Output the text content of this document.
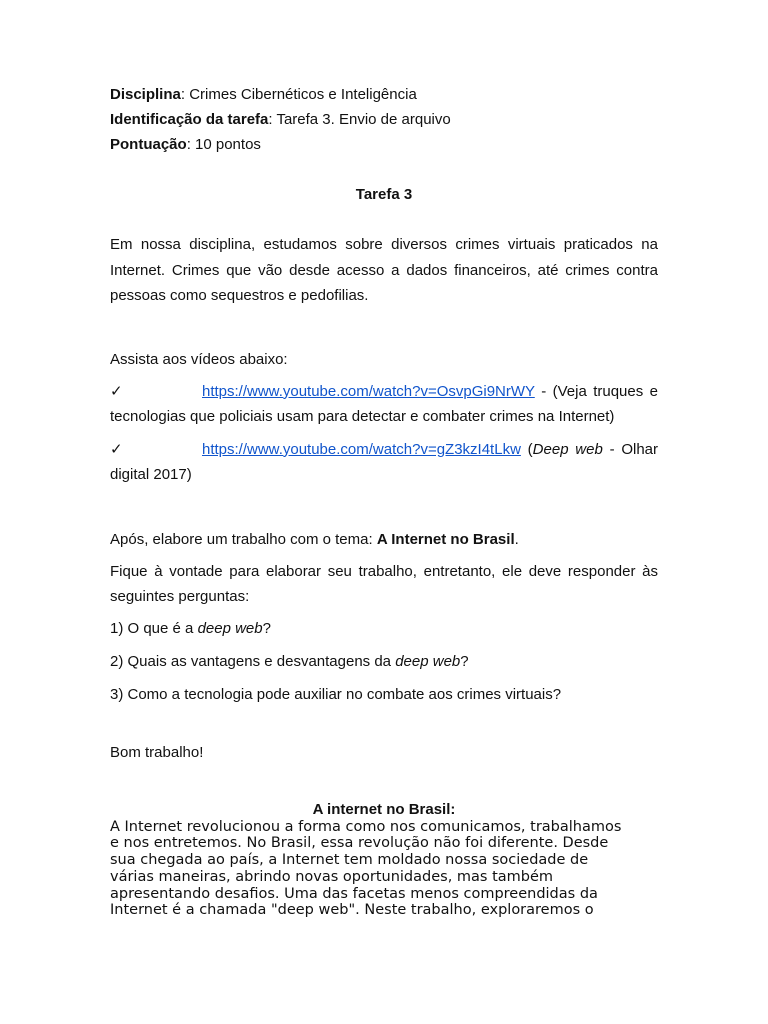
Disciplina: Crimes Cibernéticos e Inteligência

Identificação da tarefa: Tarefa 3. Envio de arquivo

Pontuação: 10 pontos

Tarefa 3

Em nossa disciplina, estudamos sobre diversos crimes virtuais praticados na Internet. Crimes que vão desde acesso a dados financeiros, até crimes contra pessoas como sequestros e pedofilias.

Assista aos vídeos abaixo:

✓	https://www.youtube.com/watch?v=OsvpGi9NrWY - (Veja truques e tecnologias que policiais usam para detectar e combater crimes na Internet)
✓	https://www.youtube.com/watch?v=gZ3kzI4tLkw (Deep web - Olhar digital 2017)

Após, elabore um trabalho com o tema: A Internet no Brasil.

Fique à vontade para elaborar seu trabalho, entretanto, ele deve responder às seguintes perguntas:

1) O que é a deep web?

2) Quais as vantagens e desvantagens da deep web?

3) Como a tecnologia pode auxiliar no combate aos crimes virtuais?

Bom trabalho!

A internet no Brasil:

A Internet revolucionou a forma como nos comunicamos, trabalhamos
e nos entretemos. No Brasil, essa revolução não foi diferente. Desde
sua chegada ao país, a Internet tem moldado nossa sociedade de
várias maneiras, abrindo novas oportunidades, mas também
apresentando desafios. Uma das facetas menos compreendidas da
Internet é a chamada "deep web". Neste trabalho, exploraremos o
